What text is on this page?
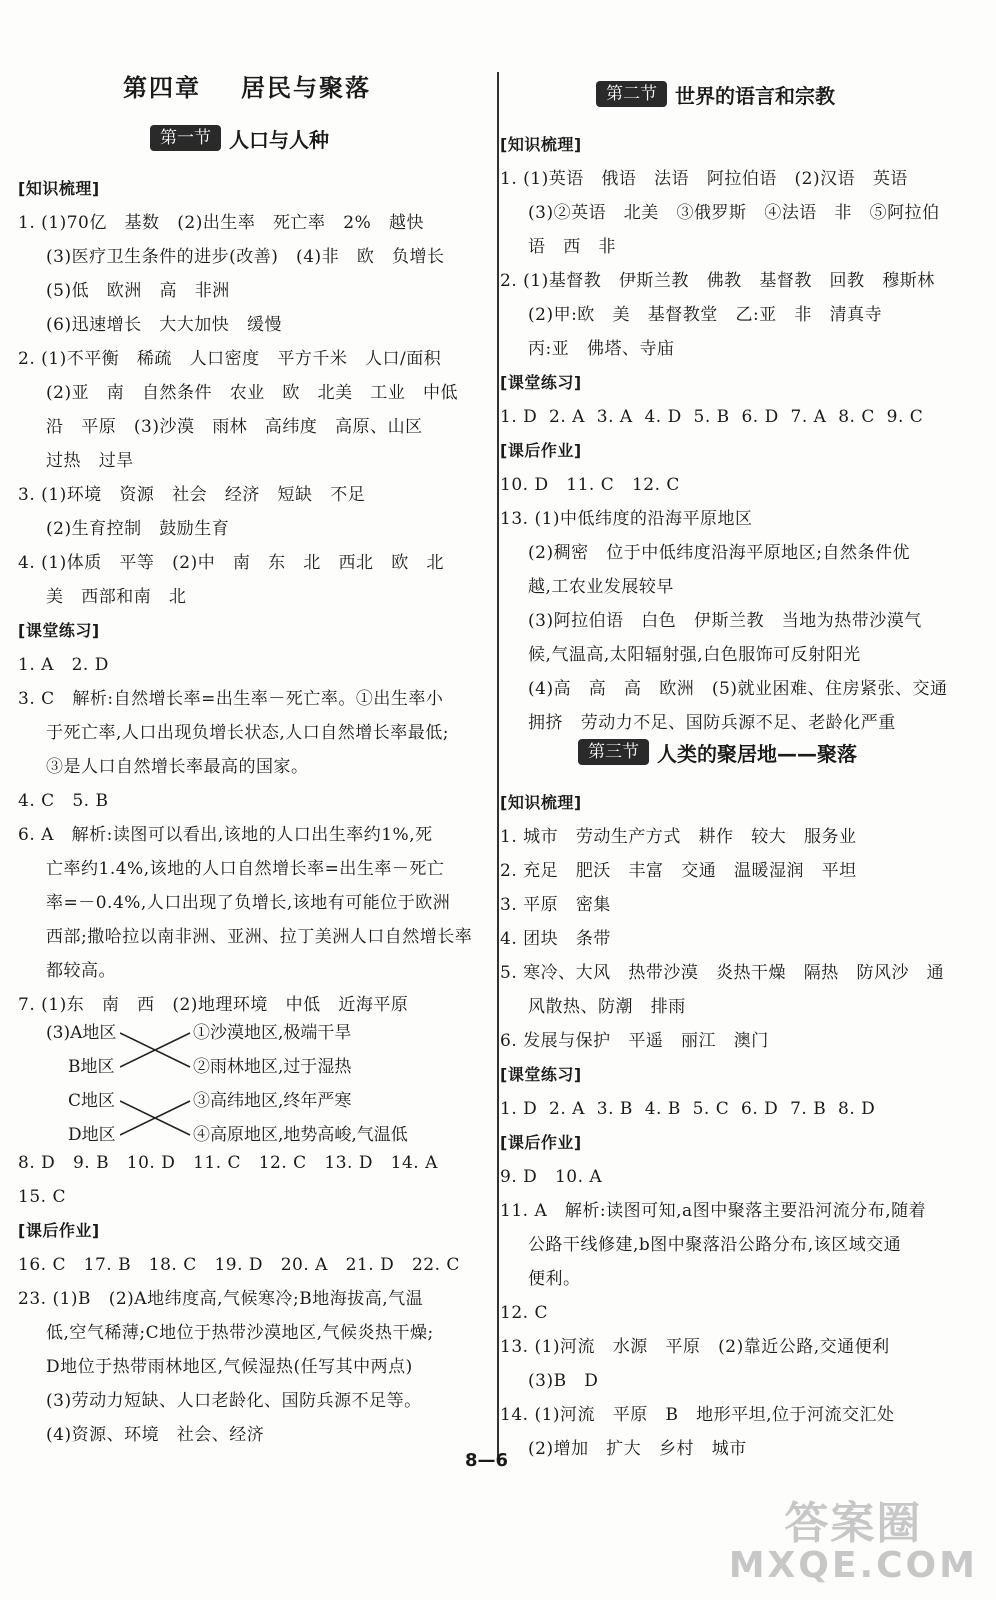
第四章 居民与聚落
第一节 人口与人种
[知识梳理]
1. (1)70亿   基数   (2)出生率   死亡率   2%   越快
(3)医疗卫生条件的进步(改善)   (4)非   欧   负增长
(5)低   欧洲   高   非洲
(6)迅速增长   大大加快   缓慢
2. (1)不平衡   稀疏   人口密度   平方千米   人口/面积
(2)亚   南   自然条件   农业   欧   北美   工业   中低
沿   平原   (3)沙漠   雨林   高纬度   高原、山区
过热   过旱
3. (1)环境   资源   社会   经济   短缺   不足
(2)生育控制   鼓励生育
4. (1)体质   平等   (2)中   南   东   北   西北   欧   北
美   西部和南   北
[课堂练习]
1. A   2. D
3. C   解析:自然增长率=出生率－死亡率。①出生率小
于死亡率,人口出现负增长状态,人口自然增长率最低;
③是人口自然增长率最高的国家。
4. C   5. B
6. A   解析:读图可以看出,该地的人口出生率约1%,死
亡率约1.4%,该地的人口自然增长率=出生率－死亡
率=－0.4%,人口出现了负增长,该地有可能位于欧洲
西部;撒哈拉以南非洲、亚洲、拉丁美洲人口自然增长率
都较高。
7. (1)东   南   西   (2)地理环境   中低   近海平原
(3)A地区	①沙漠地区,极端干旱
B地区	②雨林地区,过于湿热
C地区	③高纬地区,终年严寒
D地区	④高原地区,地势高峻,气温低
8. D   9. B   10. D   11. C   12. C   13. D   14. A
15. C
[课后作业]
16. C   17. B   18. C   19. D   20. A   21. D   22. C
23. (1)B   (2)A地纬度高,气候寒冷;B地海拔高,气温
低,空气稀薄;C地位于热带沙漠地区,气候炎热干燥;
D地位于热带雨林地区,气候湿热(任写其中两点)
(3)劳动力短缺、人口老龄化、国防兵源不足等。
(4)资源、环境   社会、经济
第二节 世界的语言和宗教
[知识梳理]
1. (1)英语   俄语   法语   阿拉伯语   (2)汉语   英语
(3)②英语   北美   ③俄罗斯   ④法语   非   ⑤阿拉伯
语   西   非
2. (1)基督教   伊斯兰教   佛教   基督教   回教   穆斯林
(2)甲:欧   美   基督教堂   乙:亚   非   清真寺
丙:亚   佛塔、寺庙
[课堂练习]
1. D  2. A  3. A  4. D  5. B  6. D  7. A  8. C  9. C
[课后作业]
10. D   11. C   12. C
13. (1)中低纬度的沿海平原地区
(2)稠密   位于中低纬度沿海平原地区;自然条件优
越,工农业发展较早
(3)阿拉伯语   白色   伊斯兰教   当地为热带沙漠气
候,气温高,太阳辐射强,白色服饰可反射阳光
(4)高   高   高   欧洲   (5)就业困难、住房紧张、交通
拥挤   劳动力不足、国防兵源不足、老龄化严重
第三节 人类的聚居地——聚落
[知识梳理]
1. 城市   劳动生产方式   耕作   较大   服务业
2. 充足   肥沃   丰富   交通   温暖湿润   平坦
3. 平原   密集
4. 团块   条带
5. 寒冷、大风   热带沙漠   炎热干燥   隔热   防风沙   通
风散热、防潮   排雨
6. 发展与保护   平遥   丽江   澳门
[课堂练习]
1. D  2. A  3. B  4. B  5. C  6. D  7. B  8. D
[课后作业]
9. D   10. A
11. A   解析:读图可知,a图中聚落主要沿河流分布,随着
公路干线修建,b图中聚落沿公路分布,该区域交通
便利。
12. C
13. (1)河流   水源   平原   (2)靠近公路,交通便利
(3)B   D
14. (1)河流   平原   B   地形平坦,位于河流交汇处
(2)增加   扩大   乡村   城市
8—6
答案圈
MXQE.COM
